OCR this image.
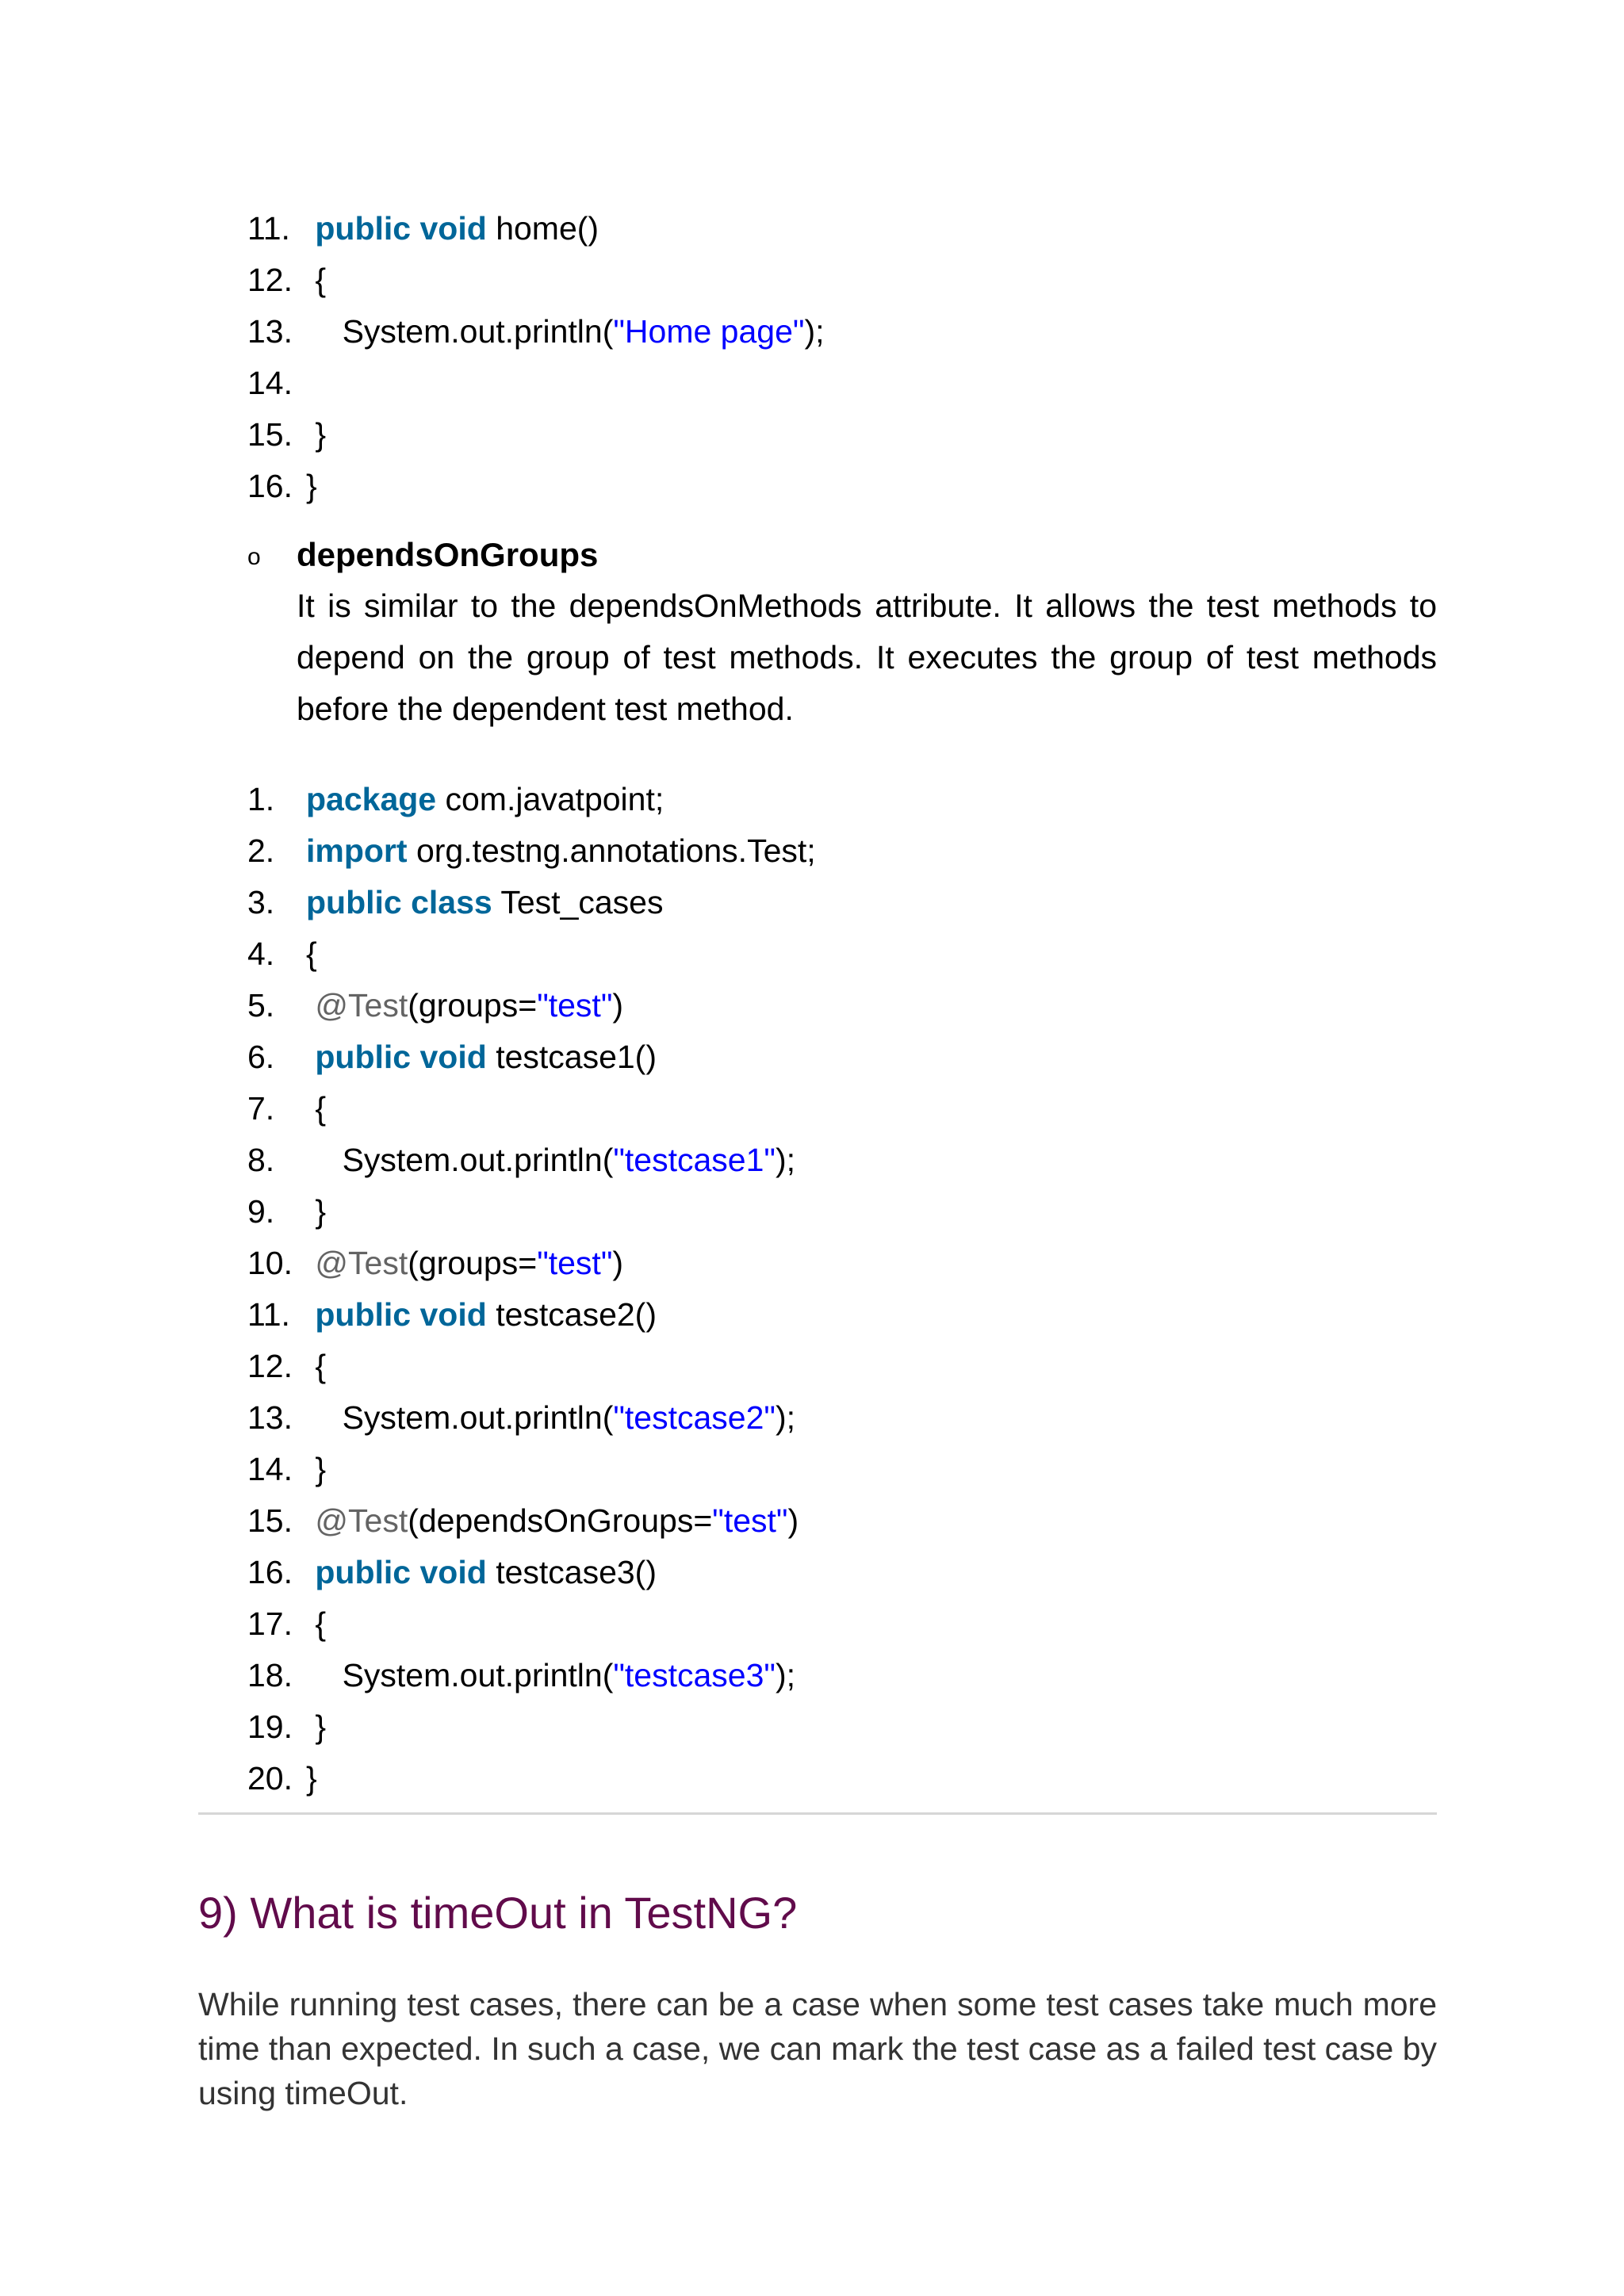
11. public void home()
12. {
13.    System.out.println("Home page");
14.
15. }
16. }
o dependsOnGroups
It is similar to the dependsOnMethods attribute. It allows the test methods to depend on the group of test methods. It executes the group of test methods before the dependent test method.
1. package com.javatpoint;
2. import org.testng.annotations.Test;
3. public class Test_cases
4. {
5. @Test(groups="test")
6. public void testcase1()
7. {
8.    System.out.println("testcase1");
9. }
10. @Test(groups="test")
11. public void testcase2()
12. {
13.    System.out.println("testcase2");
14. }
15. @Test(dependsOnGroups="test")
16. public void testcase3()
17. {
18.    System.out.println("testcase3");
19. }
20. }
9) What is timeOut in TestNG?

While running test cases, there can be a case when some test cases take much more time than expected. In such a case, we can mark the test case as a failed test case by using timeOut.
